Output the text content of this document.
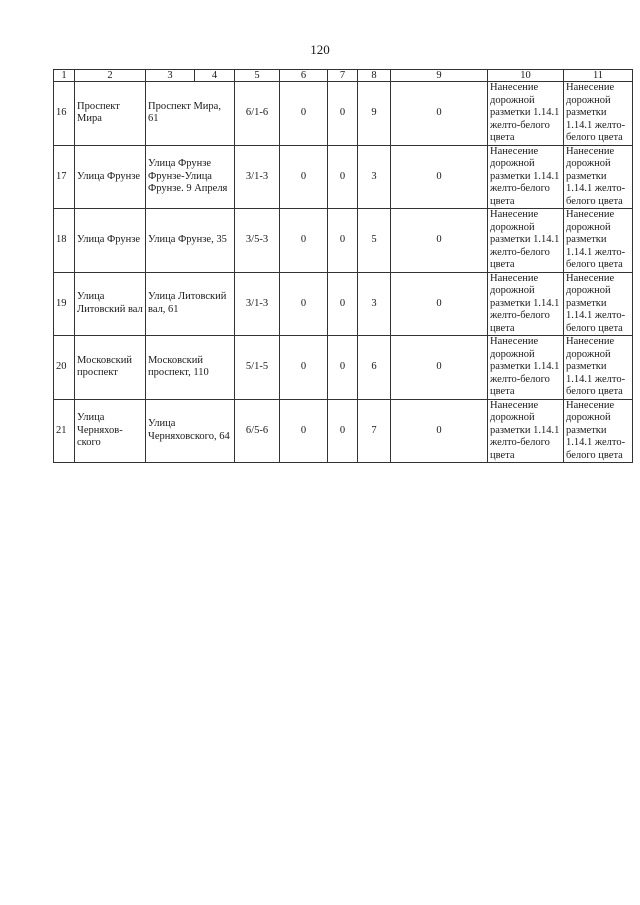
120
1	2	3	4	5	6	7	8	9	10	11
16	Проспект Мира	Проспект Мира, 61		6/1-6	0	0	9	0	Нанесение дорожной разметки 1.14.1 желто-белого цвета	Нанесение дорожной разметки 1.14.1 желто-белого цвета
17	Улица Фрунзе	Улица Фрунзе Фрунзе-Улица Фрунзе. 9 Апреля		3/1-3	0	0	3	0	Нанесение дорожной разметки 1.14.1 желто-белого цвета	Нанесение дорожной разметки 1.14.1 желто-белого цвета
18	Улица Фрунзе	Улица Фрунзе, 35		3/5-3	0	0	5	0	Нанесение дорожной разметки 1.14.1 желто-белого цвета	Нанесение дорожной разметки 1.14.1 желто-белого цвета
19	Улица Литовский вал	Улица Литовский вал, 61		3/1-3	0	0	3	0	Нанесение дорожной разметки 1.14.1 желто-белого цвета	Нанесение дорожной разметки 1.14.1 желто-белого цвета
20	Московский проспект	Московский проспект, 110		5/1-5	0	0	6	0	Нанесение дорожной разметки 1.14.1 желто-белого цвета	Нанесение дорожной разметки 1.14.1 желто-белого цвета
21	Улица Черняхов-ского	Улица Черняховского, 64		6/5-6	0	0	7	0	Нанесение дорожной разметки 1.14.1 желто-белого цвета	Нанесение дорожной разметки 1.14.1 желто-белого цвета
